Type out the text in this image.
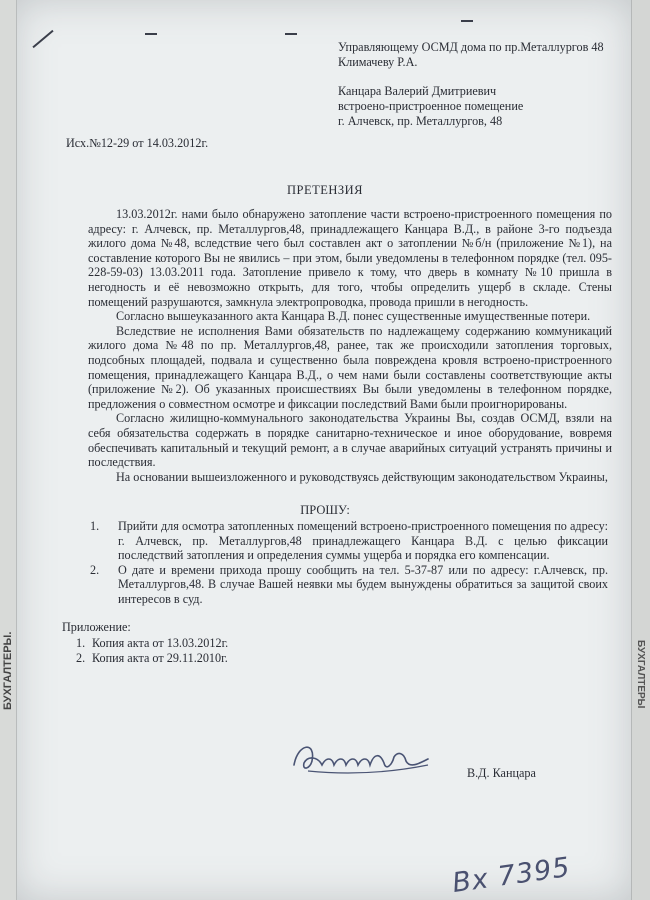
БУХГАЛТЕРЫ.	БУХГАЛТЕРЫ
Управляющему ОСМД дома по пр.Металлургов 48
Климачеву Р.А.
Канцара Валерий Дмитриевич
встроено-пристроенное помещение
г. Алчевск, пр. Металлургов, 48
Исх.№12-29 от 14.03.2012г.
ПРЕТЕНЗИЯ

13.03.2012г. нами было обнаружено затопление части встроено-пристроенного помещения по адресу: г. Алчевск, пр. Металлургов,48, принадлежащего Канцара В.Д., в районе 3-го подъезда жилого дома №48, вследствие чего был составлен акт о затоплении №б/н (приложение №1), на составление которого Вы не явились – при этом, были уведомлены в телефонном порядке (тел. 095-228-59-03) 13.03.2011 года. Затопление привело к тому, что дверь в комнату №10 пришла в негодность и её невозможно открыть, для того, чтобы определить ущерб в складе. Стены помещений разрушаются, замкнула электропроводка, провода пришли в негодность.

Согласно вышеуказанного акта Канцара В.Д. понес существенные имущественные потери.

Вследствие не исполнения Вами обязательств по надлежащему содержанию коммуникаций жилого дома №48 по пр. Металлургов,48, ранее, так же происходили затопления торговых, подсобных площадей, подвала и существенно была повреждена кровля встроено-пристроенного помещения, принадлежащего Канцара В.Д., о чем нами были составлены соответствующие акты (приложение №2). Об указанных происшествиях Вы были уведомлены в телефонном порядке, предложения о совместном осмотре и фиксации последствий Вами были проигнорированы.

Согласно жилищно-коммунального законодательства Украины Вы, создав ОСМД, взяли на себя обязательства содержать в порядке санитарно-техническое и иное оборудование, вовремя обеспечивать капитальный и текущий ремонт, а в случае аварийных ситуаций устранять причины и последствия.

На основании вышеизложенного и руководствуясь действующим законодательством Украины,

ПРОШУ:
1. Прийти для осмотра затопленных помещений встроено-пристроенного помещения по адресу: г. Алчевск, пр. Металлургов,48 принадлежащего Канцара В.Д. с целью фиксации последствий затопления и определения суммы ущерба и порядка его компенсации.
2. О дате и времени прихода прошу сообщить на тел. 5-37-87 или по адресу: г.Алчевск, пр. Металлургов,48. В случае Вашей неявки мы будем вынуждены обратиться за защитой своих интересов в суд.
Приложение:
1. Копия акта от 13.03.2012г.
2. Копия акта от 29.11.2010г.
В.Д. Канцара
Вх 7395
